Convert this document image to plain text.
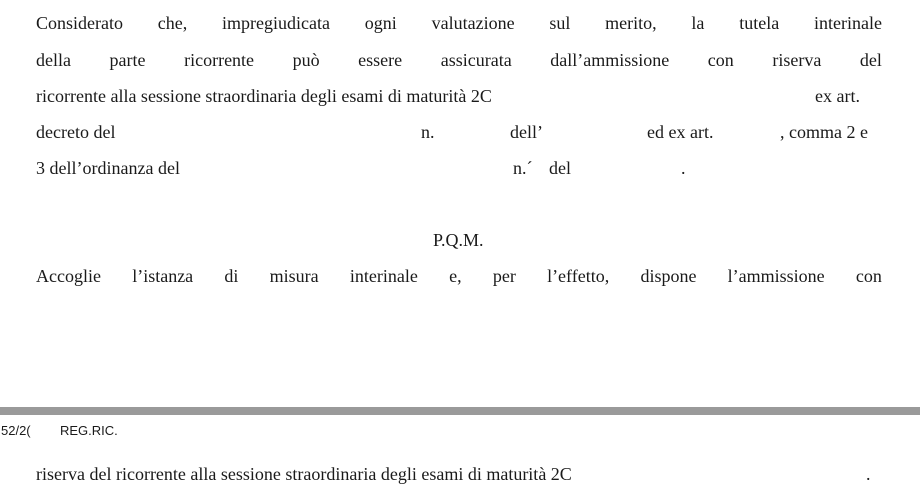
Considerato che, impregiudicata ogni valutazione sul merito, la tutela interinale
della parte ricorrente può essere assicurata dall’ammissione con riserva del
ricorrente alla sessione straordinaria degli esami di maturità 2C	ex art.
decreto del	n.	dell’	ed ex art.	, comma 2 e
3 dell’ordinanza del	n.´ del	.
P.Q.M.
Accoglie l’istanza di misura interinale e, per l’effetto, dispone l’ammissione con
52/2( REG.RIC.
riserva del ricorrente alla sessione straordinaria degli esami di maturità 2C	.
